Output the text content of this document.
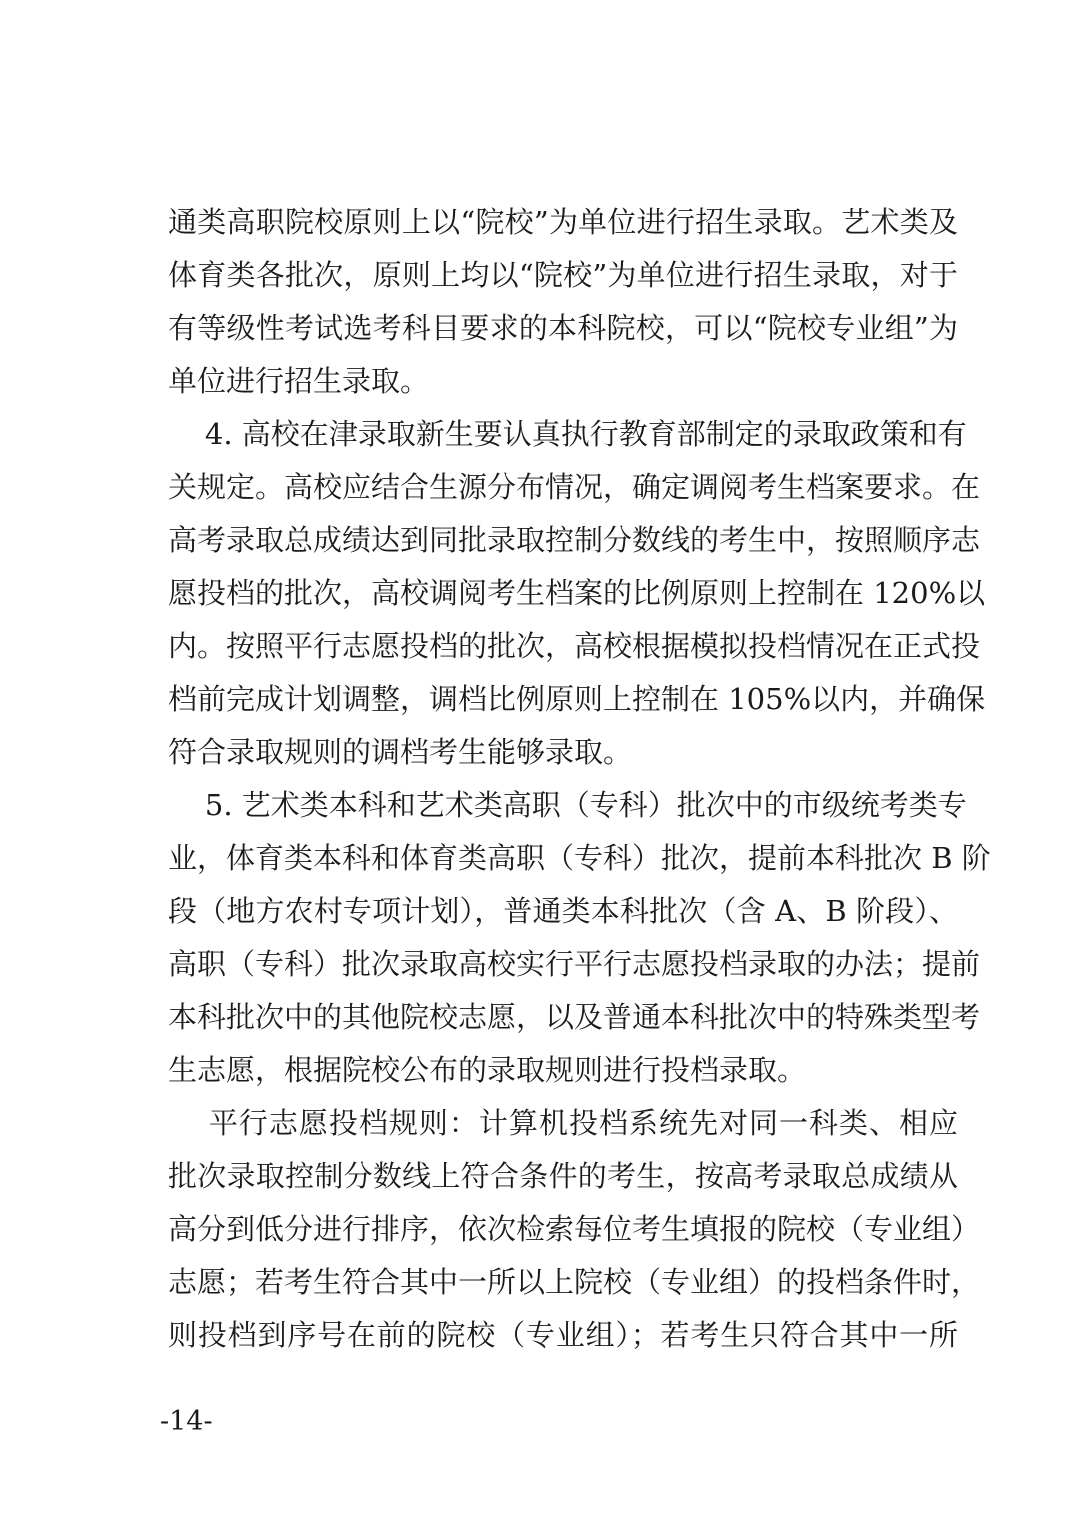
通类高职院校原则上以“院校”为单位进行招生录取。艺术类及
体育类各批次，原则上均以“院校”为单位进行招生录取，对于
有等级性考试选考科目要求的本科院校，可以“院校专业组”为
单位进行招生录取。
4. 高校在津录取新生要认真执行教育部制定的录取政策和有
关规定。高校应结合生源分布情况，确定调阅考生档案要求。在
高考录取总成绩达到同批录取控制分数线的考生中，按照顺序志
愿投档的批次，高校调阅考生档案的比例原则上控制在 120%以
内。按照平行志愿投档的批次，高校根据模拟投档情况在正式投
档前完成计划调整，调档比例原则上控制在 105%以内，并确保
符合录取规则的调档考生能够录取。
5. 艺术类本科和艺术类高职（专科）批次中的市级统考类专
业，体育类本科和体育类高职（专科）批次，提前本科批次 B 阶
段（地方农村专项计划），普通类本科批次（含 A、B 阶段）、
高职（专科）批次录取高校实行平行志愿投档录取的办法；提前
本科批次中的其他院校志愿，以及普通本科批次中的特殊类型考
生志愿，根据院校公布的录取规则进行投档录取。
平行志愿投档规则：计算机投档系统先对同一科类、相应
批次录取控制分数线上符合条件的考生，按高考录取总成绩从
高分到低分进行排序，依次检索每位考生填报的院校（专业组）
志愿；若考生符合其中一所以上院校（专业组）的投档条件时，
则投档到序号在前的院校（专业组）；若考生只符合其中一所
-14-
